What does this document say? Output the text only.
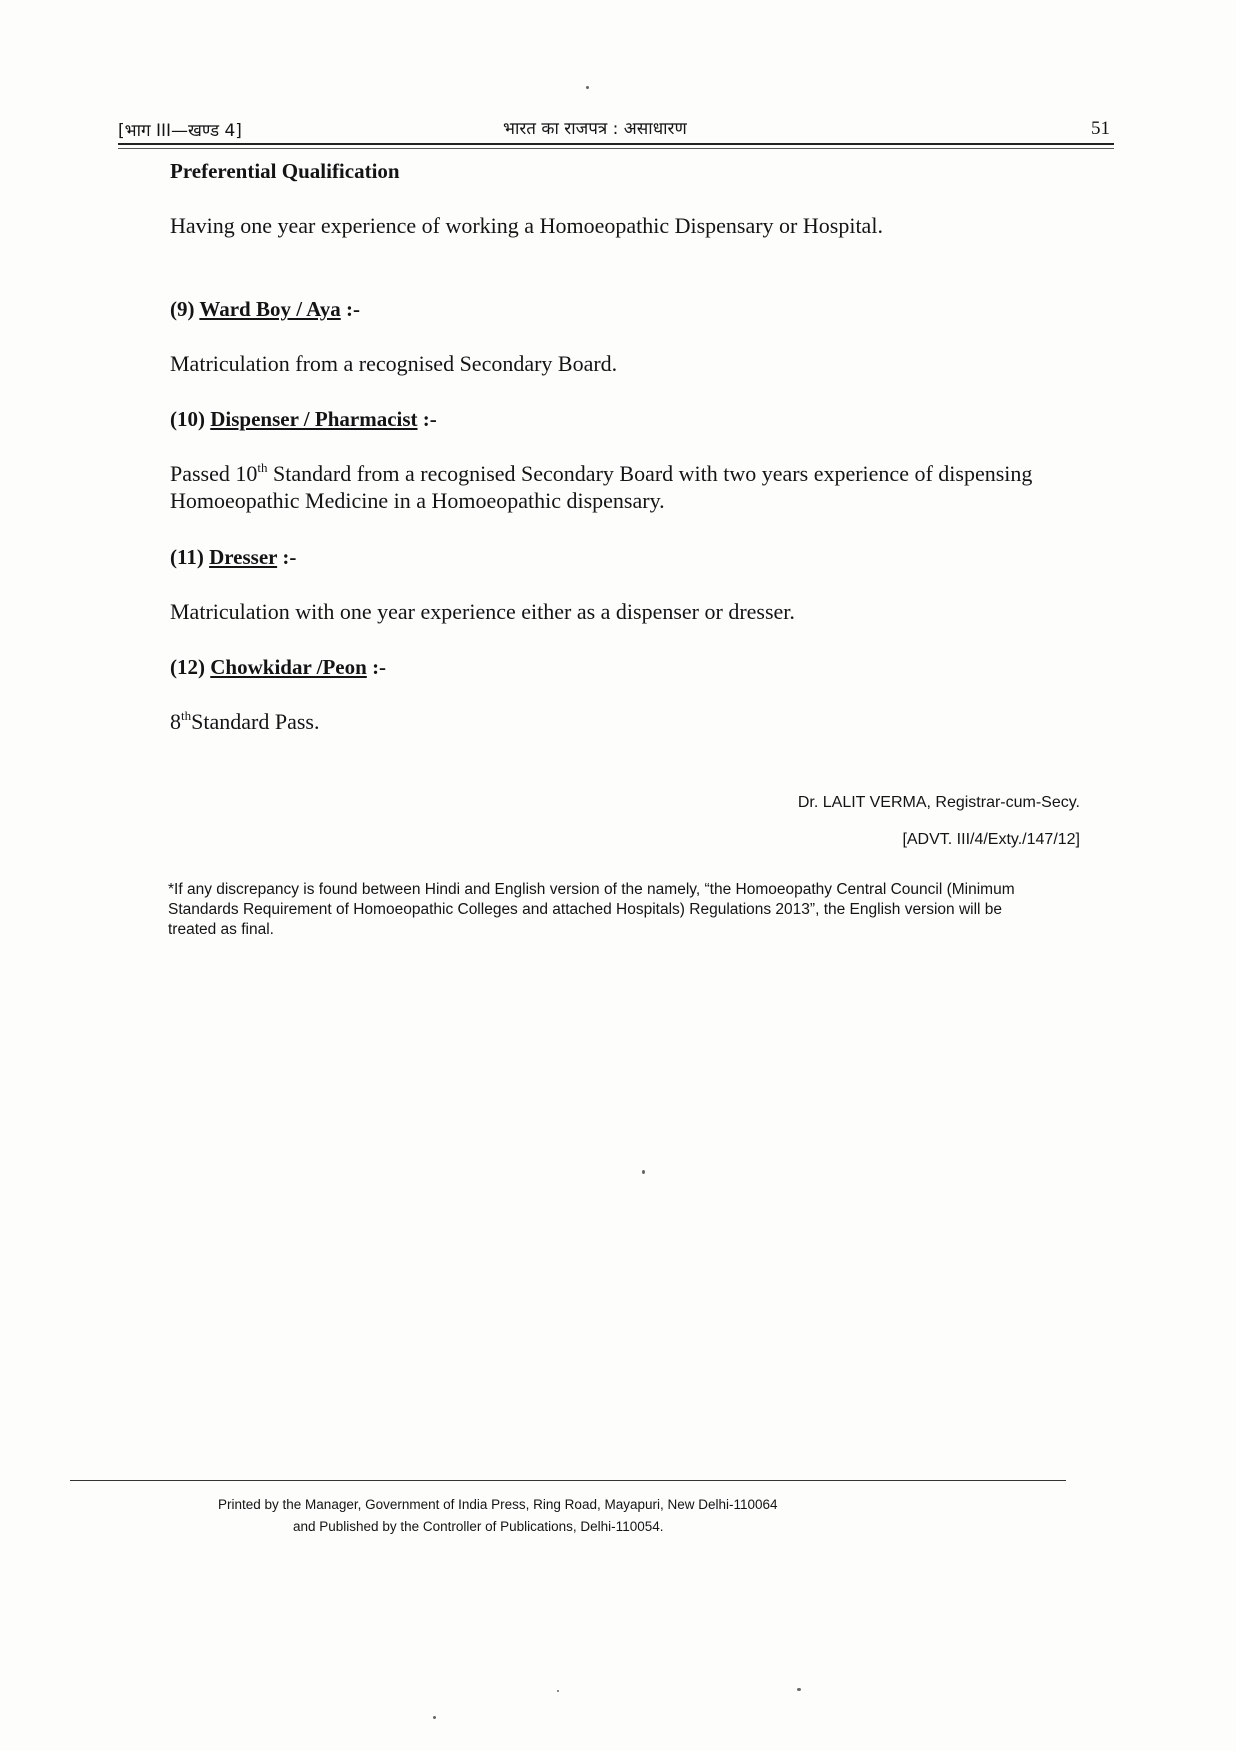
[भाग III—खण्ड 4]	भारत का राजपत्र : असाधारण	51
Preferential Qualification
Having one year experience of working a Homoeopathic Dispensary or Hospital.
(9) Ward Boy / Aya :-
Matriculation from a recognised Secondary Board.
(10) Dispenser / Pharmacist :-
Passed 10th Standard from a recognised Secondary Board with two years experience of dispensing Homoeopathic Medicine in a Homoeopathic dispensary.
(11) Dresser :-
Matriculation with one year experience either as a dispenser or dresser.
(12) Chowkidar /Peon :-
8thStandard Pass.
Dr. LALIT VERMA, Registrar-cum-Secy.
[ADVT. III/4/Exty./147/12]
*If any discrepancy is found between Hindi and English version of the namely, “the Homoeopathy Central Council (Minimum Standards Requirement of Homoeopathic Colleges and attached Hospitals) Regulations 2013”, the English version will be treated as final.
Printed by the Manager, Government of India Press, Ring Road, Mayapuri, New Delhi-110064
and Published by the Controller of Publications, Delhi-110054.
